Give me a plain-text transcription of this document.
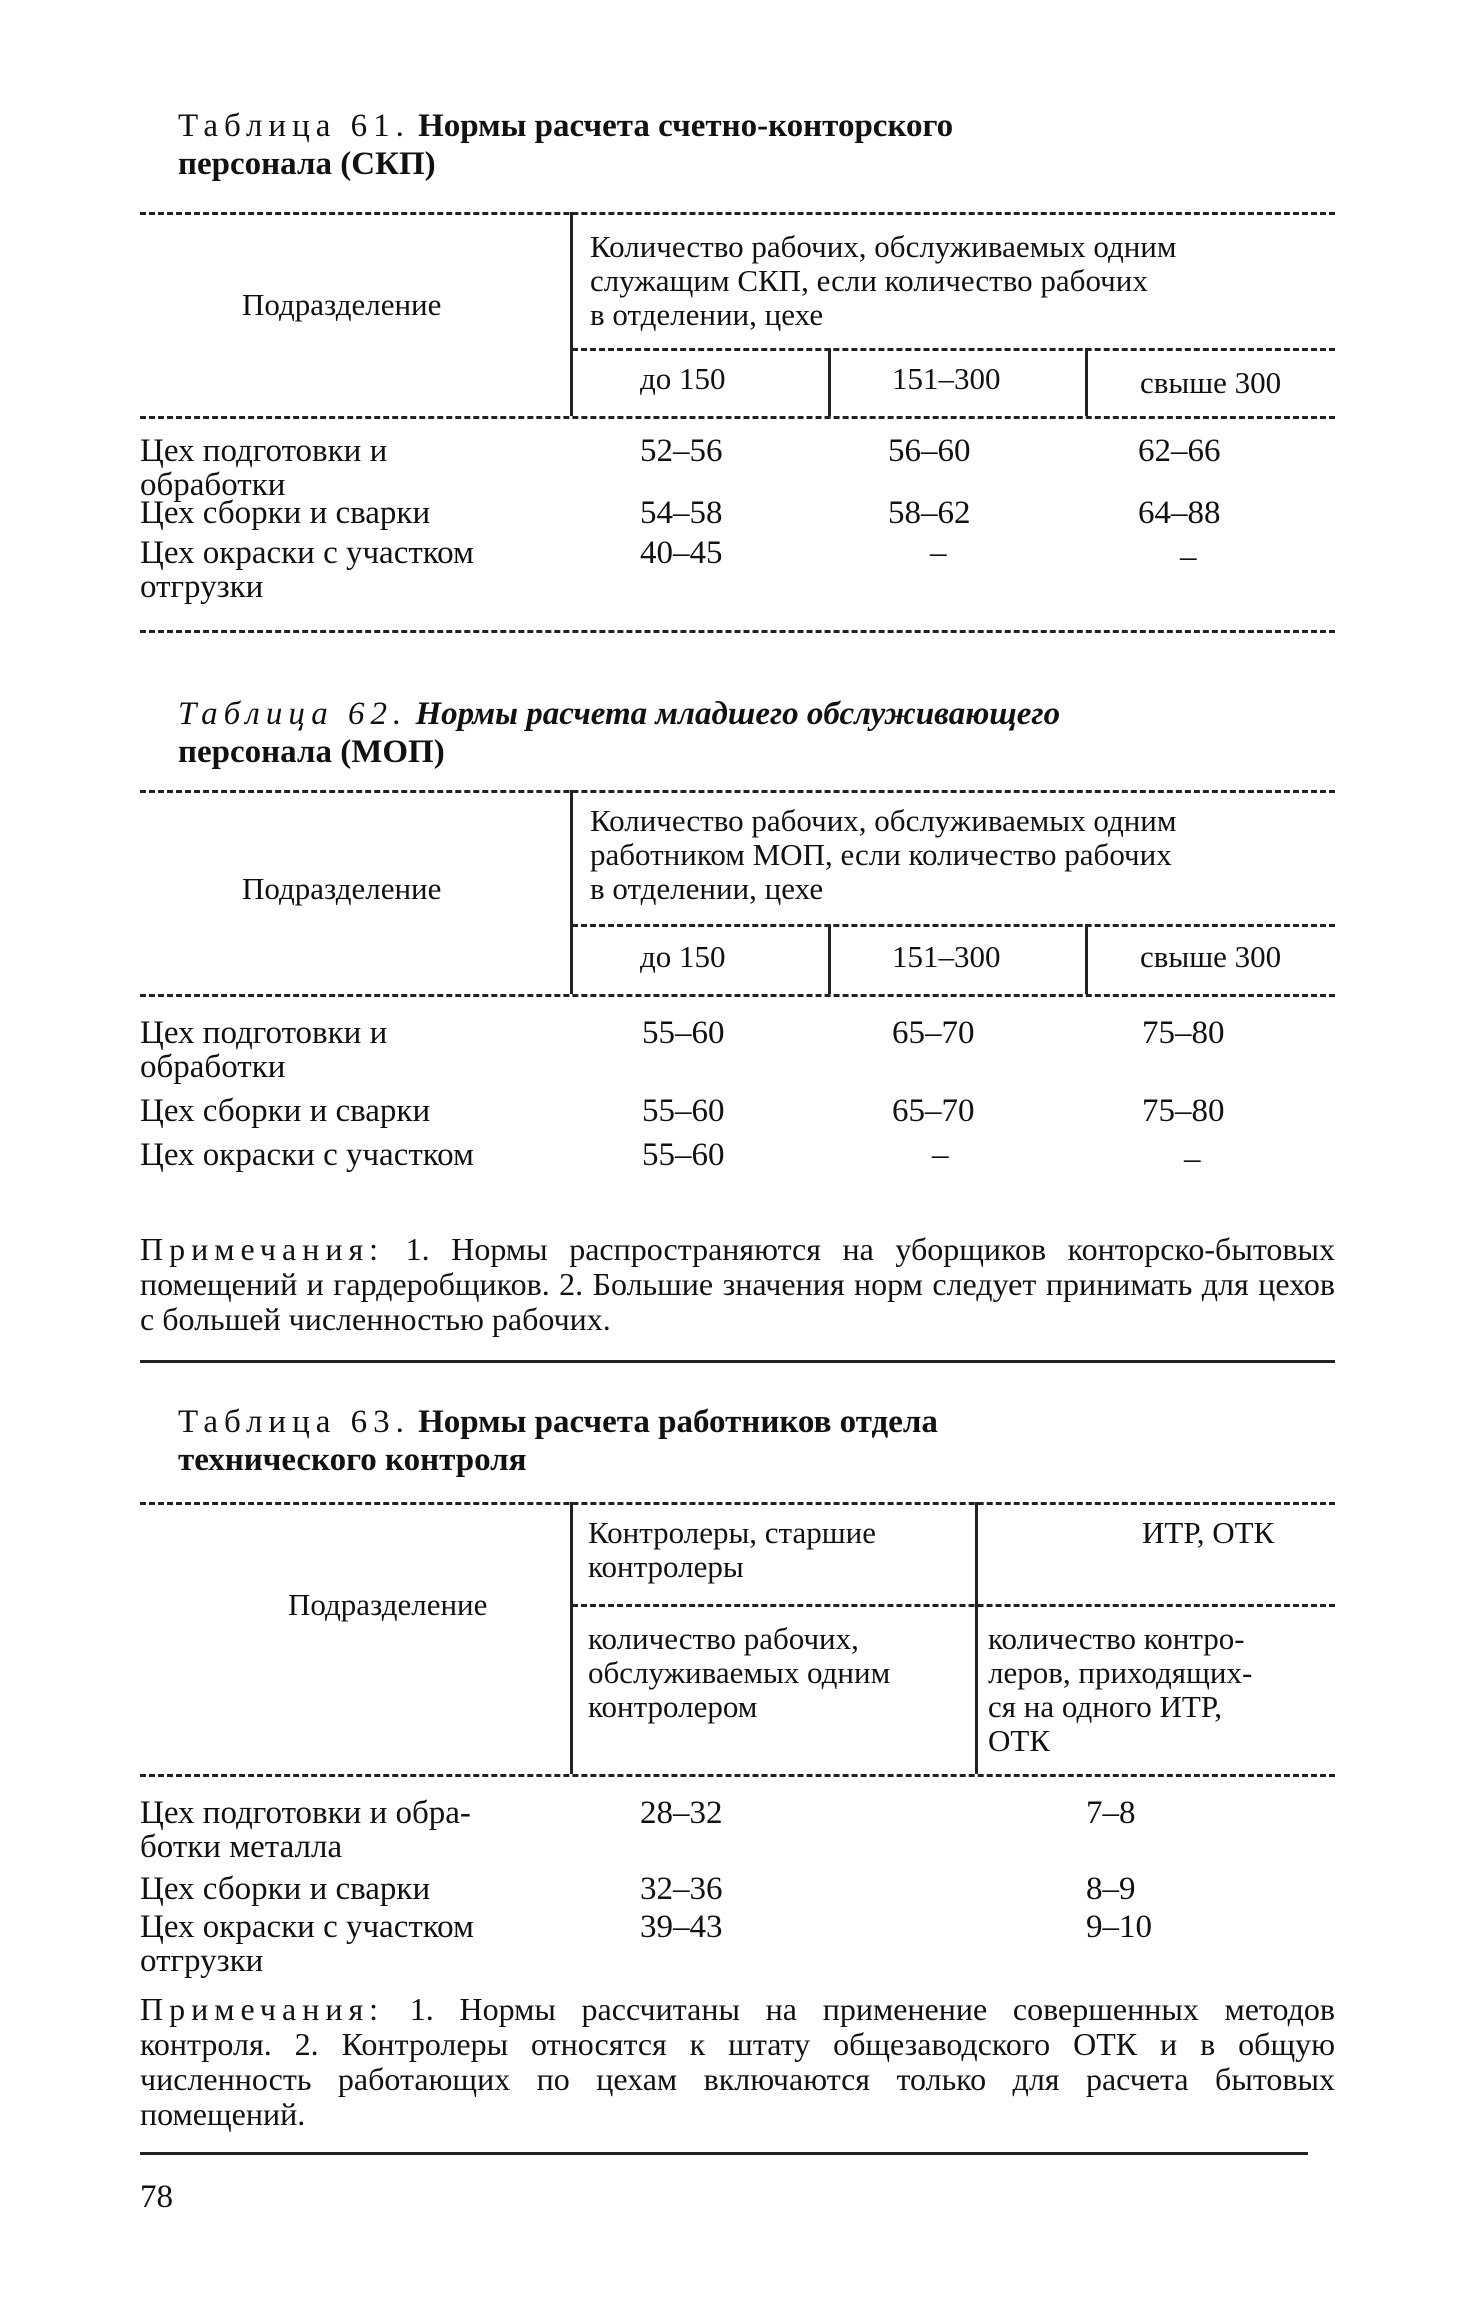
Таблица 61. Нормы расчета счетно-конторского
персонала (СКП)
Подразделение
Количество рабочих, обслуживаемых одним
служащим СКП, если количество рабочих
в отделении, цехе
до 150	151–300	свыше 300
Цех подготовки и
обработки
52–56	56–60	62–66
Цех сборки и сварки	54–58	58–62	64–88
Цех окраски с участком
отгрузки
40–45	–	–
Таблица 62. Нормы расчета младшего обслуживающего
персонала (МОП)
Подразделение
Количество рабочих, обслуживаемых одним
работником МОП, если количество рабочих
в отделении, цехе
до 150	151–300	свыше 300
Цех подготовки и
обработки
55–60	65–70	75–80
Цех сборки и сварки	55–60	65–70	75–80
Цех окраски с участком	55–60	–	–
Примечания: 1. Нормы распространяются на уборщиков конторско-бытовых помещений и гардеробщиков. 2. Большие значения норм следует принимать для цехов с большей численностью рабочих.
Таблица 63. Нормы расчета работников отдела
технического контроля
Подразделение
Контролеры, старшие
контролеры
ИТР, ОТК
количество рабочих,
обслуживаемых одним
контролером
количество контро-
леров, приходящих-
ся на одного ИТР,
ОТК
Цех подготовки и обра-
ботки металла
28–32	7–8
Цех сборки и сварки	32–36	8–9
Цех окраски с участком
отгрузки
39–43	9–10
Примечания: 1. Нормы рассчитаны на применение совершенных методов контроля. 2. Контролеры относятся к штату общезаводского ОТК и в общую численность работающих по цехам включаются только для расчета бытовых помещений.
78
